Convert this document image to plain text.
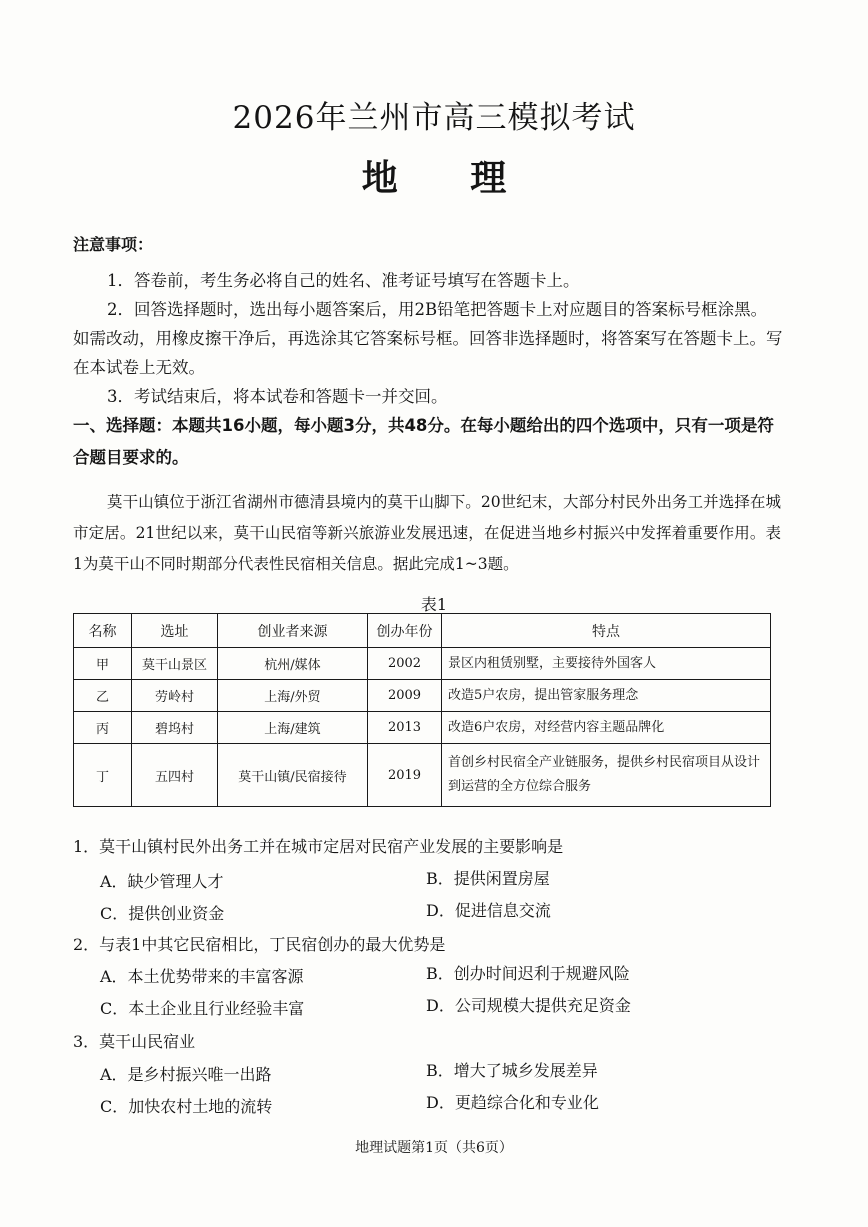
2026年兰州市高三模拟考试
地 理
注意事项：

1．答卷前，考生务必将自己的姓名、准考证号填写在答题卡上。

2．回答选择题时，选出每小题答案后，用2B铅笔把答题卡上对应题目的答案标号框涂黑。如需改动，用橡皮擦干净后，再选涂其它答案标号框。回答非选择题时，将答案写在答题卡上。写在本试卷上无效。

3．考试结束后，将本试卷和答题卡一并交回。

一、选择题：本题共16小题，每小题3分，共48分。在每小题给出的四个选项中，只有一项是符合题目要求的。

莫干山镇位于浙江省湖州市德清县境内的莫干山脚下。20世纪末，大部分村民外出务工并选择在城市定居。21世纪以来，莫干山民宿等新兴旅游业发展迅速，在促进当地乡村振兴中发挥着重要作用。表1为莫干山不同时期部分代表性民宿相关信息。据此完成1~3题。

表1
名称	选址	创业者来源	创办年份	特点
甲	莫干山景区	杭州/媒体	2002	景区内租赁别墅，主要接待外国客人
乙	劳岭村	上海/外贸	2009	改造5户农房，提出管家服务理念
丙	碧坞村	上海/建筑	2013	改造6户农房，对经营内容主题品牌化
丁	五四村	莫干山镇/民宿接待	2019	首创乡村民宿全产业链服务，提供乡村民宿项目从设计到运营的全方位综合服务

1．莫干山镇村民外出务工并在城市定居对民宿产业发展的主要影响是

A．缺少管理人才	B．提供闲置房屋

C．提供创业资金	D．促进信息交流

2．与表1中其它民宿相比，丁民宿创办的最大优势是

A．本土优势带来的丰富客源	B．创办时间迟利于规避风险

C．本土企业且行业经验丰富	D．公司规模大提供充足资金

3．莫干山民宿业

A．是乡村振兴唯一出路	B．增大了城乡发展差异

C．加快农村土地的流转	D．更趋综合化和专业化

地理试题第1页（共6页）
